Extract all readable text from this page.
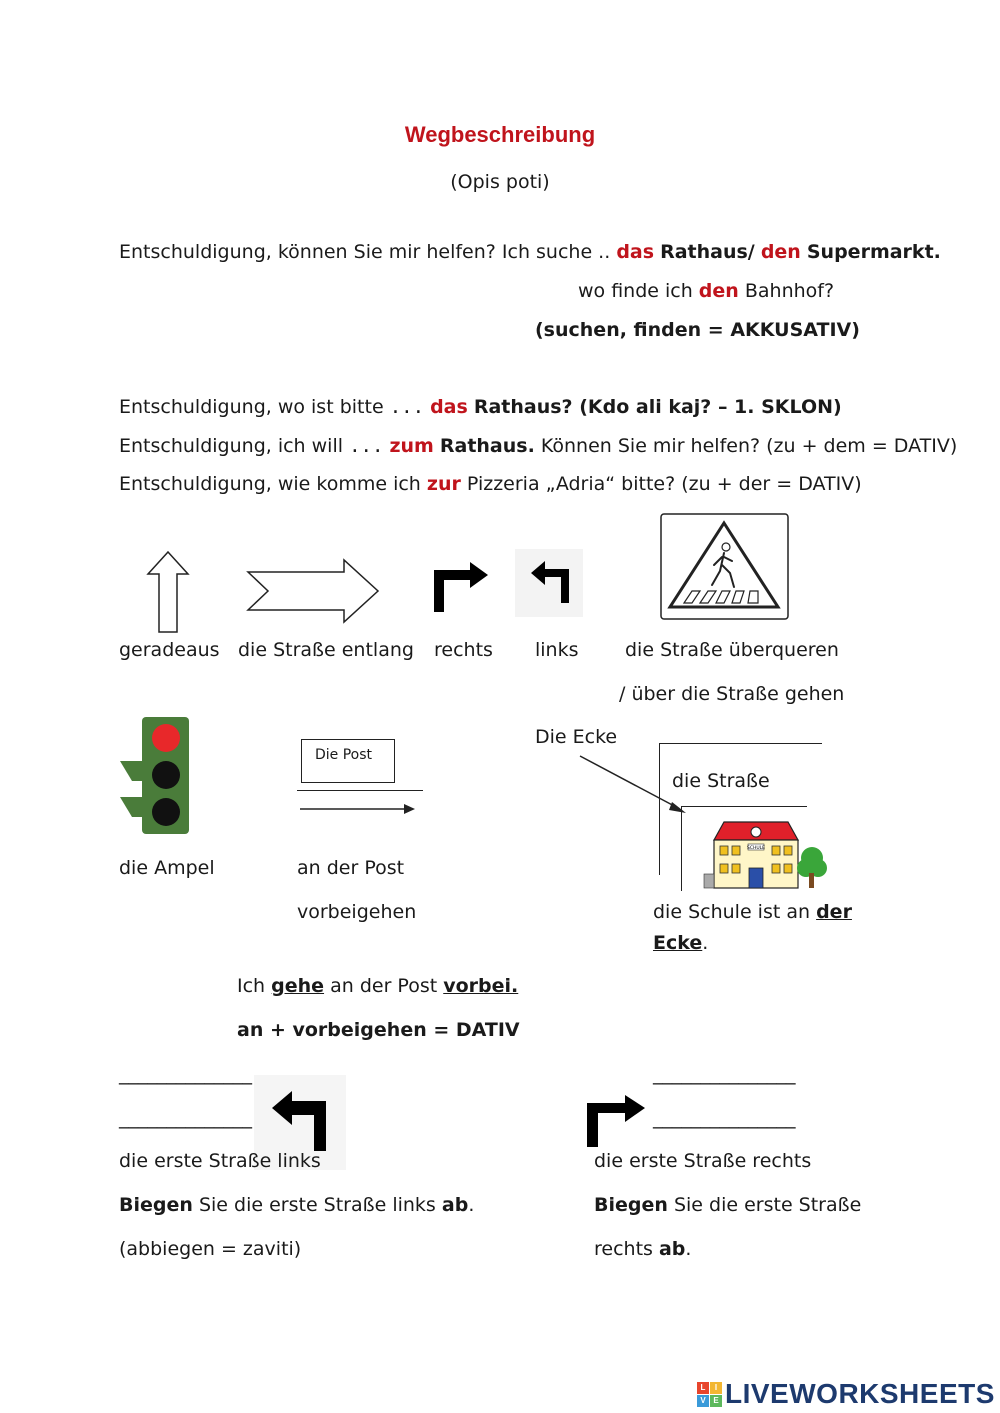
Wegbeschreibung
(Opis poti)
Entschuldigung, können Sie mir helfen? Ich suche .. das Rathaus/ den Supermarkt.
wo finde ich den Bahnhof?
(suchen, finden = AKKUSATIV)
Entschuldigung, wo ist bitte ... das Rathaus? (Kdo ali kaj? – 1. SKLON)
Entschuldigung, ich will ... zum Rathaus. Können Sie mir helfen? (zu + dem = DATIV)
Entschuldigung, wie komme ich zur Pizzeria „Adria“ bitte? (zu + der = DATIV)
geradeaus die Straße entlang rechts links die Straße überqueren
/ über die Straße gehen
Die Post
Die Ecke
die Straße
SCHULE
die Ampel	an der Post
vorbeigehen	die Schule ist an der
Ecke.
Ich gehe an der Post vorbei.
an + vorbeigehen = DATIV
______________
______________
die erste Straße links
Biegen Sie die erste Straße links ab.
(abbiegen = zaviti)
_______________
_______________
die erste Straße rechts
Biegen Sie die erste Straße
rechts ab.
L	I
V E LIVEWORKSHEETS
